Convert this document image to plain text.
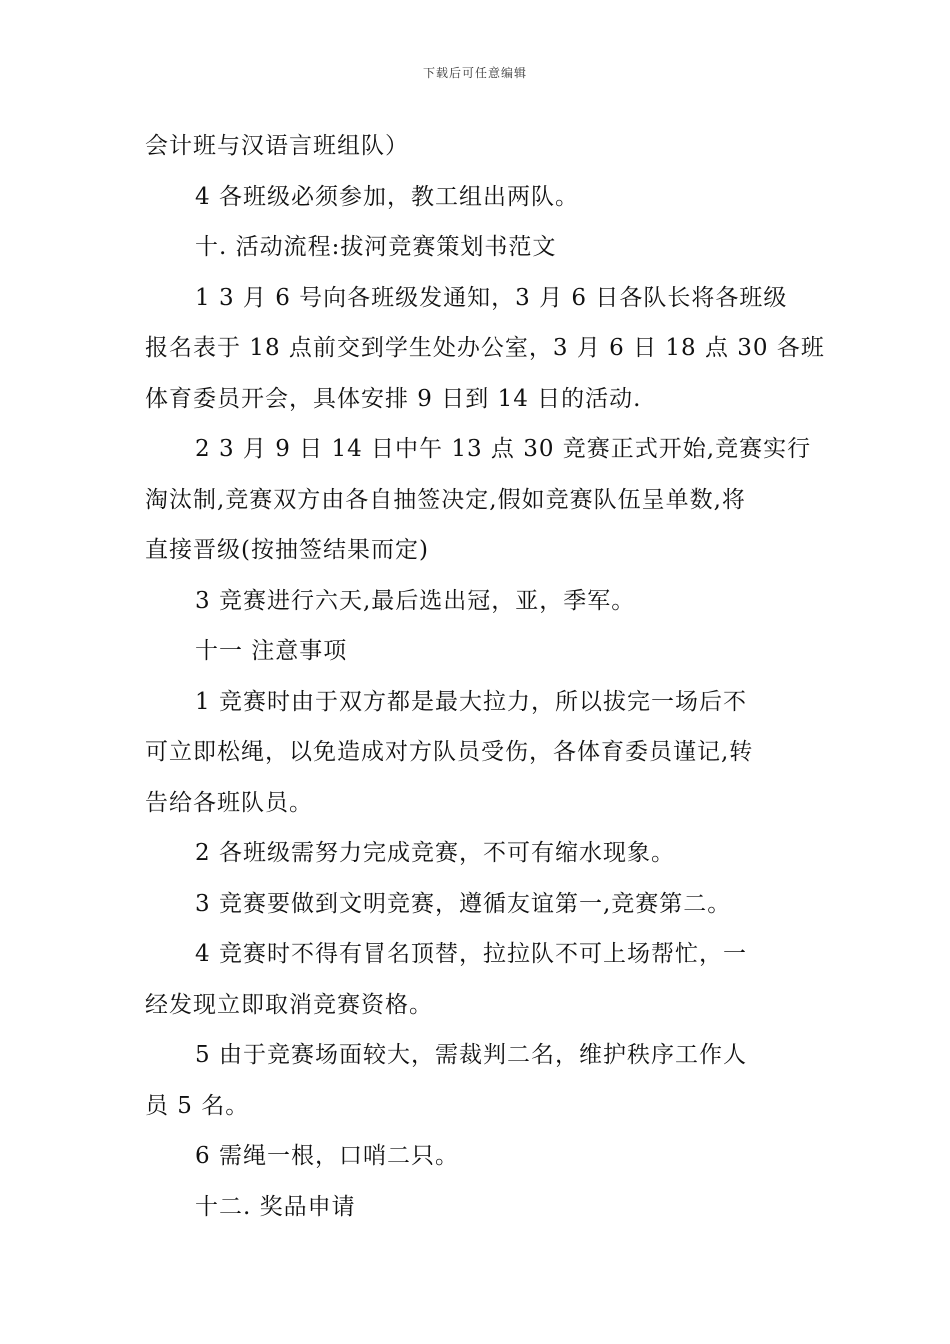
下载后可任意编辑
会计班与汉语言班组队）
4 各班级必须参加，教工组出两队。
十. 活动流程:拔河竞赛策划书范文
1 3 月 6 号向各班级发通知，3 月 6 日各队长将各班级
报名表于 18 点前交到学生处办公室，3 月 6 日 18 点 30 各班
体育委员开会，具体安排 9 日到 14 日的活动.
2 3 月 9 日 14 日中午 13 点 30 竞赛正式开始,竞赛实行
淘汰制,竞赛双方由各自抽签决定,假如竞赛队伍呈单数,将
直接晋级(按抽签结果而定)
3 竞赛进行六天,最后选出冠，亚，季军。
十一 注意事项
1 竞赛时由于双方都是最大拉力，所以拔完一场后不
可立即松绳，以免造成对方队员受伤，各体育委员谨记,转
告给各班队员。
2 各班级需努力完成竞赛，不可有缩水现象。
3 竞赛要做到文明竞赛，遵循友谊第一,竞赛第二。
4 竞赛时不得有冒名顶替，拉拉队不可上场帮忙，一
经发现立即取消竞赛资格。
5 由于竞赛场面较大，需裁判二名，维护秩序工作人
员 5 名。
6 需绳一根，口哨二只。
十二. 奖品申请
